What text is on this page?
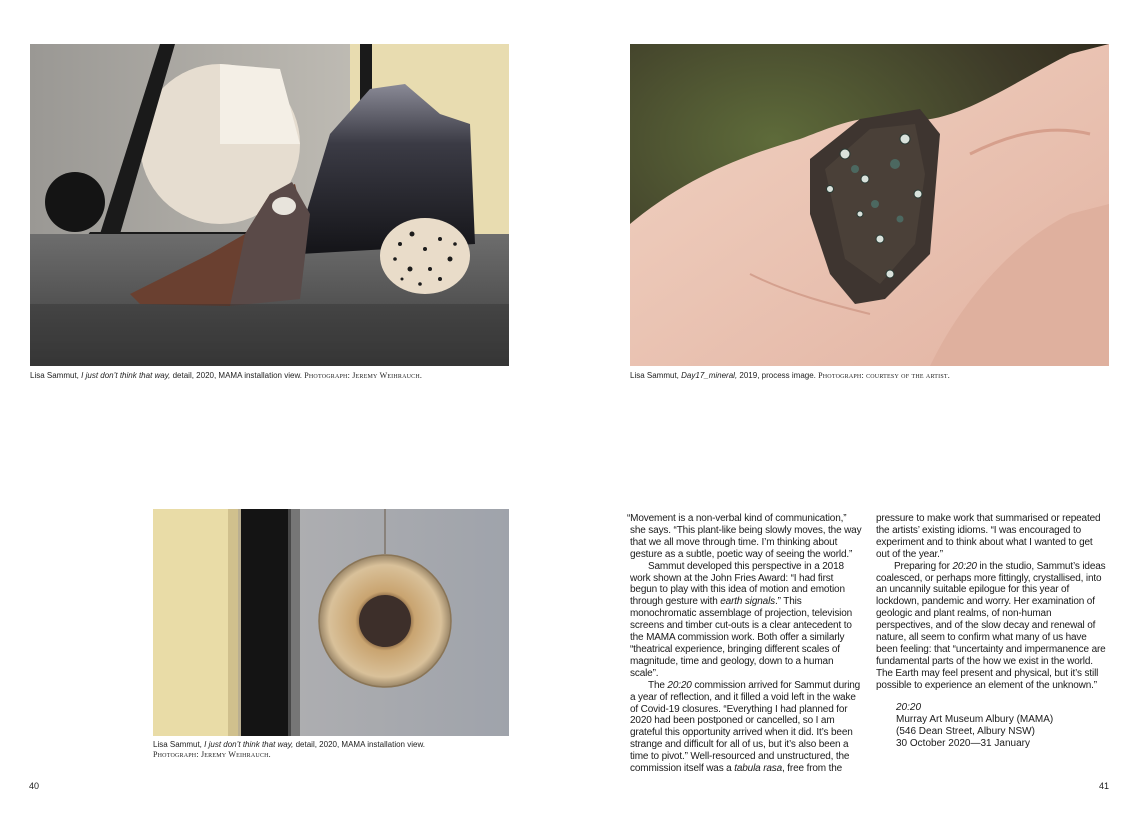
Lisa Sammut, I just don’t think that way, detail, 2020, MAMA installation view. Photograph: Jeremy Weihrauch.	Lisa Sammut, Day17_mineral, 2019, process image. Photograph: courtesy of the artist.
Lisa Sammut, I just don’t think that way, detail, 2020, MAMA installation view.
Photograph: Jeremy Weihrauch.

“Movement is a non-verbal kind of communication,” she says. “This plant-like being slowly moves, the way that we all move through time. I’m thinking about gesture as a subtle, poetic way of seeing the world.”

Sammut developed this perspective in a 2018 work shown at the John Fries Award: “I had first begun to play with this idea of motion and emotion through gesture with earth signals.” This monochromatic assemblage of projection, television screens and timber cut-outs is a clear antecedent to the MAMA commission work. Both offer a similarly “theatrical experience, bringing different scales of magnitude, time and geology, down to a human scale”.

The 20:20 commission arrived for Sammut during a year of reflection, and it filled a void left in the wake of Covid-19 closures. “Everything I had planned for 2020 had been postponed or cancelled, so I am grateful this opportunity arrived when it did. It’s been strange and difficult for all of us, but it’s also been a time to pivot.” Well-resourced and unstructured, the commission itself was a tabula rasa, free from the

pressure to make work that summarised or repeated the artists’ existing idioms. “I was encouraged to experiment and to think about what I wanted to get out of the year.”

Preparing for 20:20 in the studio, Sammut’s ideas coalesced, or perhaps more fittingly, crystallised, into an uncannily suitable epilogue for this year of lockdown, pandemic and worry. Her examination of geologic and plant realms, of non-human perspectives, and of the slow decay and renewal of nature, all seem to confirm what many of us have been feeling: that “uncertainty and impermanence are fundamental parts of the how we exist in the world. The Earth may feel present and physical, but it’s still possible to experience an element of the unknown.”

20:20
Murray Art Museum Albury (MAMA)
(546 Dean Street, Albury NSW)
30 October 2020—31 January
40	41
